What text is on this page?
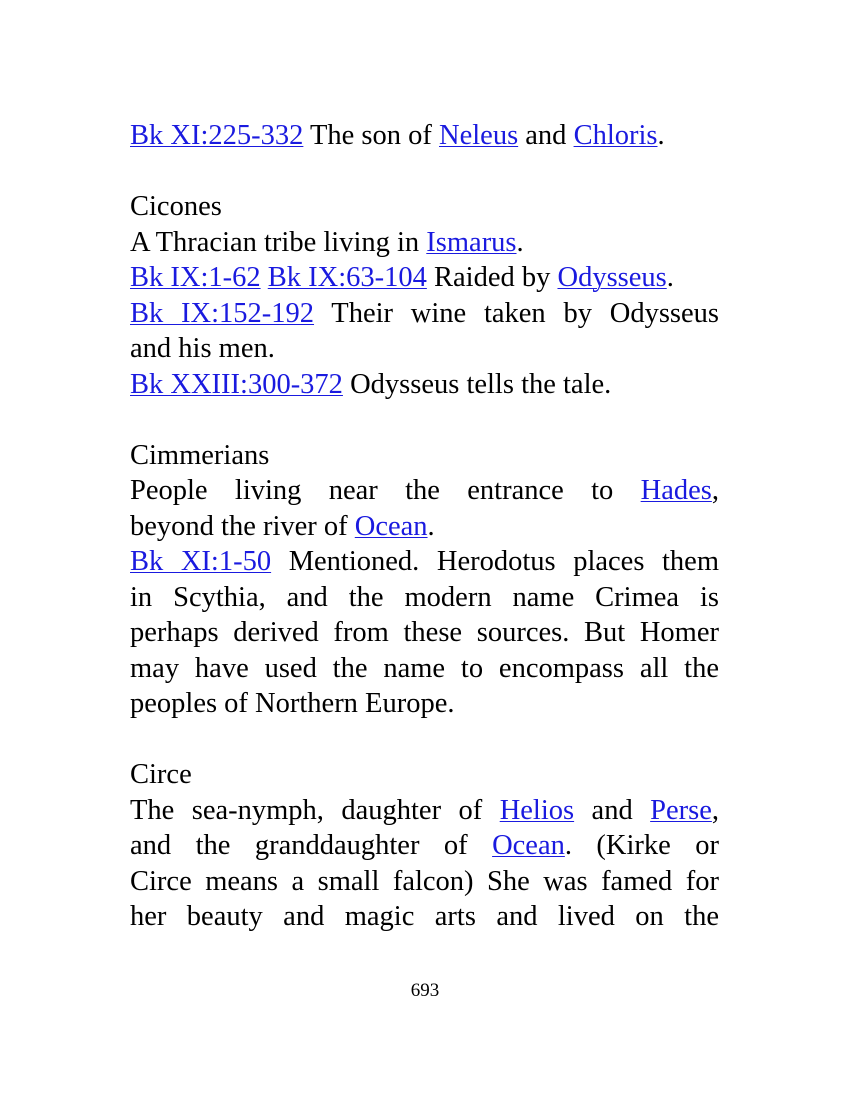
Bk XI:225-332 The son of Neleus and Chloris.
Cicones
A Thracian tribe living in Ismarus.
Bk IX:1-62 Bk IX:63-104 Raided by Odysseus.
Bk IX:152-192 Their wine taken by Odysseus
and his men.
Bk XXIII:300-372 Odysseus tells the tale.
Cimmerians
People living near the entrance to Hades,
beyond the river of Ocean.
Bk XI:1-50 Mentioned. Herodotus places them
in Scythia, and the modern name Crimea is
perhaps derived from these sources. But Homer
may have used the name to encompass all the
peoples of Northern Europe.
Circe
The sea-nymph, daughter of Helios and Perse,
and the granddaughter of Ocean. (Kirke or
Circe means a small falcon) She was famed for
her beauty and magic arts and lived on the
693
